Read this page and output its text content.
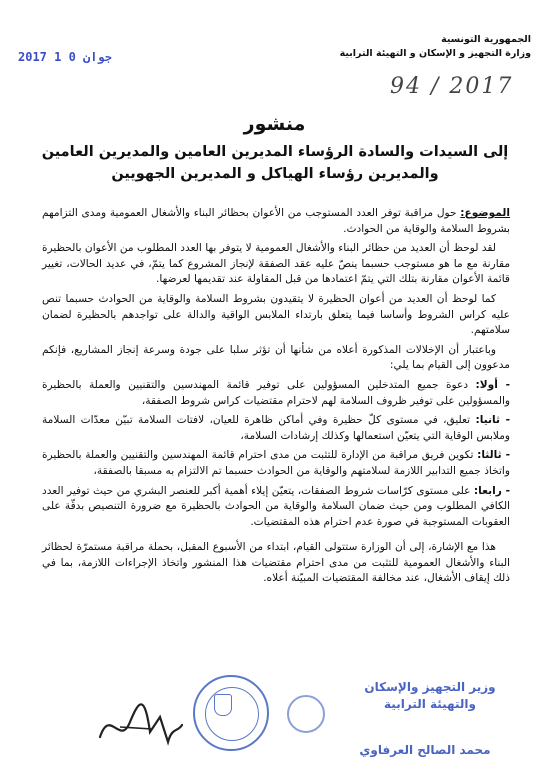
2017 جوان 0 1
الجمهورية التونسية
وزارة التجهيز و الإسكان و التهيئة الترابية
94 / 2017
منشور
إلى السيدات والسادة الرؤساء المديرين العامين والمديرين العامين والمديرين رؤساء الهياكل و المديرين الجهويين

الموضوع: حول مراقبة توفر العدد المستوجب من الأعوان بحظائر البناء والأشغال العمومية ومدى التزامهم بشروط السلامة والوقاية من الحوادث.

لقد لوحظ أن العديد من حظائر البناء والأشغال العمومية لا يتوفر بها العدد المطلوب من الأعوان بالحظيرة مقارنة مع ما هو مستوجب حسبما ينصّ عليه عقد الصفقة لإنجاز المشروع كما يتمّ، في عديد الحالات، تغيير قائمة الأعوان مقارنة بتلك التي يتمّ اعتمادها من قبل المقاولة عند تقديمها لعرضها.

كما لوحظ أن العديد من أعوان الحظيرة لا يتقيدون بشروط السلامة والوقاية من الحوادث حسبما تنص عليه كراس الشروط وأساسا فيما يتعلق بارتداء الملابس الواقية والدالة على تواجدهم بالحظيرة لضمان سلامتهم.

وباعتبار أن الإخلالات المذكورة أعلاه من شأنها أن تؤثر سلبا على جودة وسرعة إنجاز المشاريع، فإنكم مدعوون إلى القيام بما يلي:

- أولا: دعوة جميع المتدخلين المسؤولين على توفير قائمة المهندسين والتقنيين والعملة بالحظيرة والمسؤولين على توفير ظروف السلامة لهم لاحترام مقتضيات كراس شروط الصفقة،

- ثانيا: تعليق، في مستوى كلّ حظيرة وفي أماكن ظاهرة للعيان، لافتات السلامة تبيّن معدّات السلامة وملابس الوقاية التي يتعيّن استعمالها وكذلك إرشادات السلامة،

- ثالثا: تكوين فريق مراقبة من الإدارة للتثبت من مدى احترام قائمة المهندسين والتقنيين والعملة بالحظيرة واتخاذ جميع التدابير اللازمة لسلامتهم والوقاية من الحوادث حسبما تم الالتزام به مسبقا بالصفقة،

- رابعا: على مستوى كرّاسات شروط الصفقات، يتعيّن إيلاء أهمية أكبر للعنصر البشري من حيث توفير العدد الكافي المطلوب ومن حيث ضمان السلامة والوقاية من الحوادث بالحظيرة مع ضرورة التنصيص بدقّة على العقوبات المستوجبة في صورة عدم احترام هذه المقتضيات.

هذا مع الإشارة، إلى أن الوزارة ستتولى القيام، ابتداء من الأسبوع المقبل، بحملة مراقبة مستمرّة لحظائر البناء والأشغال العمومية للتثبت من مدى احترام مقتضيات هذا المنشور واتخاذ الإجراءات اللازمة، بما في ذلك إيقاف الأشغال، عند مخالفة المقتضيات المبيّنة أعلاه.

وزير التجهيز والإسكان
والتهيئة الترابية
محمد الصالح العرفاوي
